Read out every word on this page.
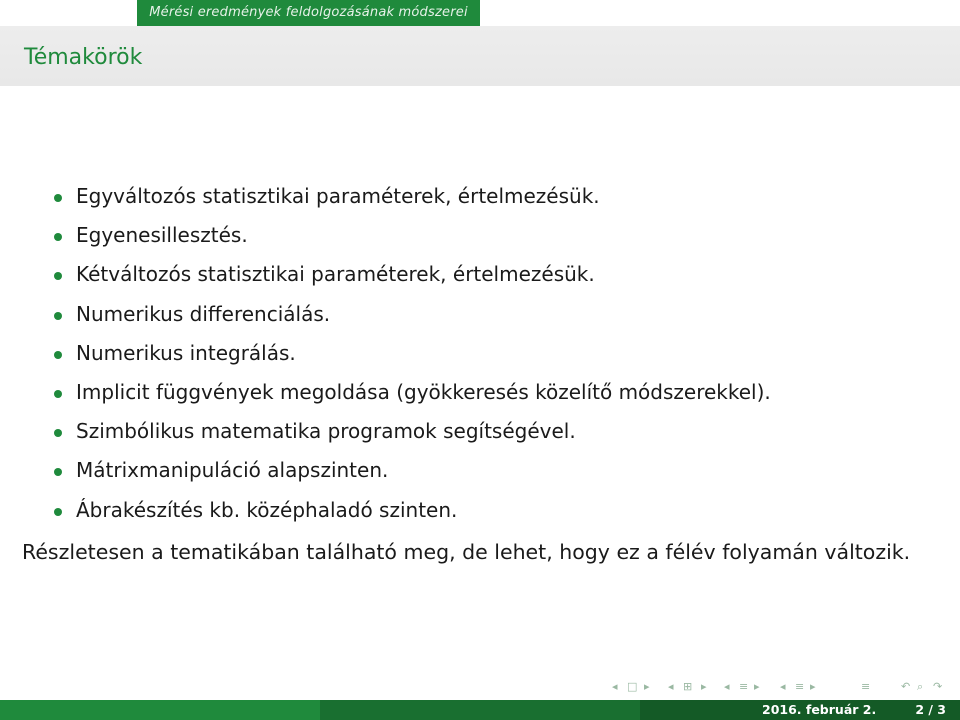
Mérési eredmények feldolgozásának módszerei
Témakörök
Egyváltozós statisztikai paraméterek, értelmezésük.
Egyenesillesztés.
Kétváltozós statisztikai paraméterek, értelmezésük.
Numerikus differenciálás.
Numerikus integrálás.
Implicit függvények megoldása (gyökkeresés közelítő módszerekkel).
Szimbólikus matematika programok segítségével.
Mátrixmanipuláció alapszinten.
Ábrakészítés kb. középhaladó szinten.
Részletesen a tematikában található meg, de lehet, hogy ez a félév folyamán változik.
◂ □ ▸ ◂ ⊞ ▸ ◂ ≡ ▸ ◂ ≡ ▸	≡	↶ ⌕ ↷
2016. február 2.	2 / 3
